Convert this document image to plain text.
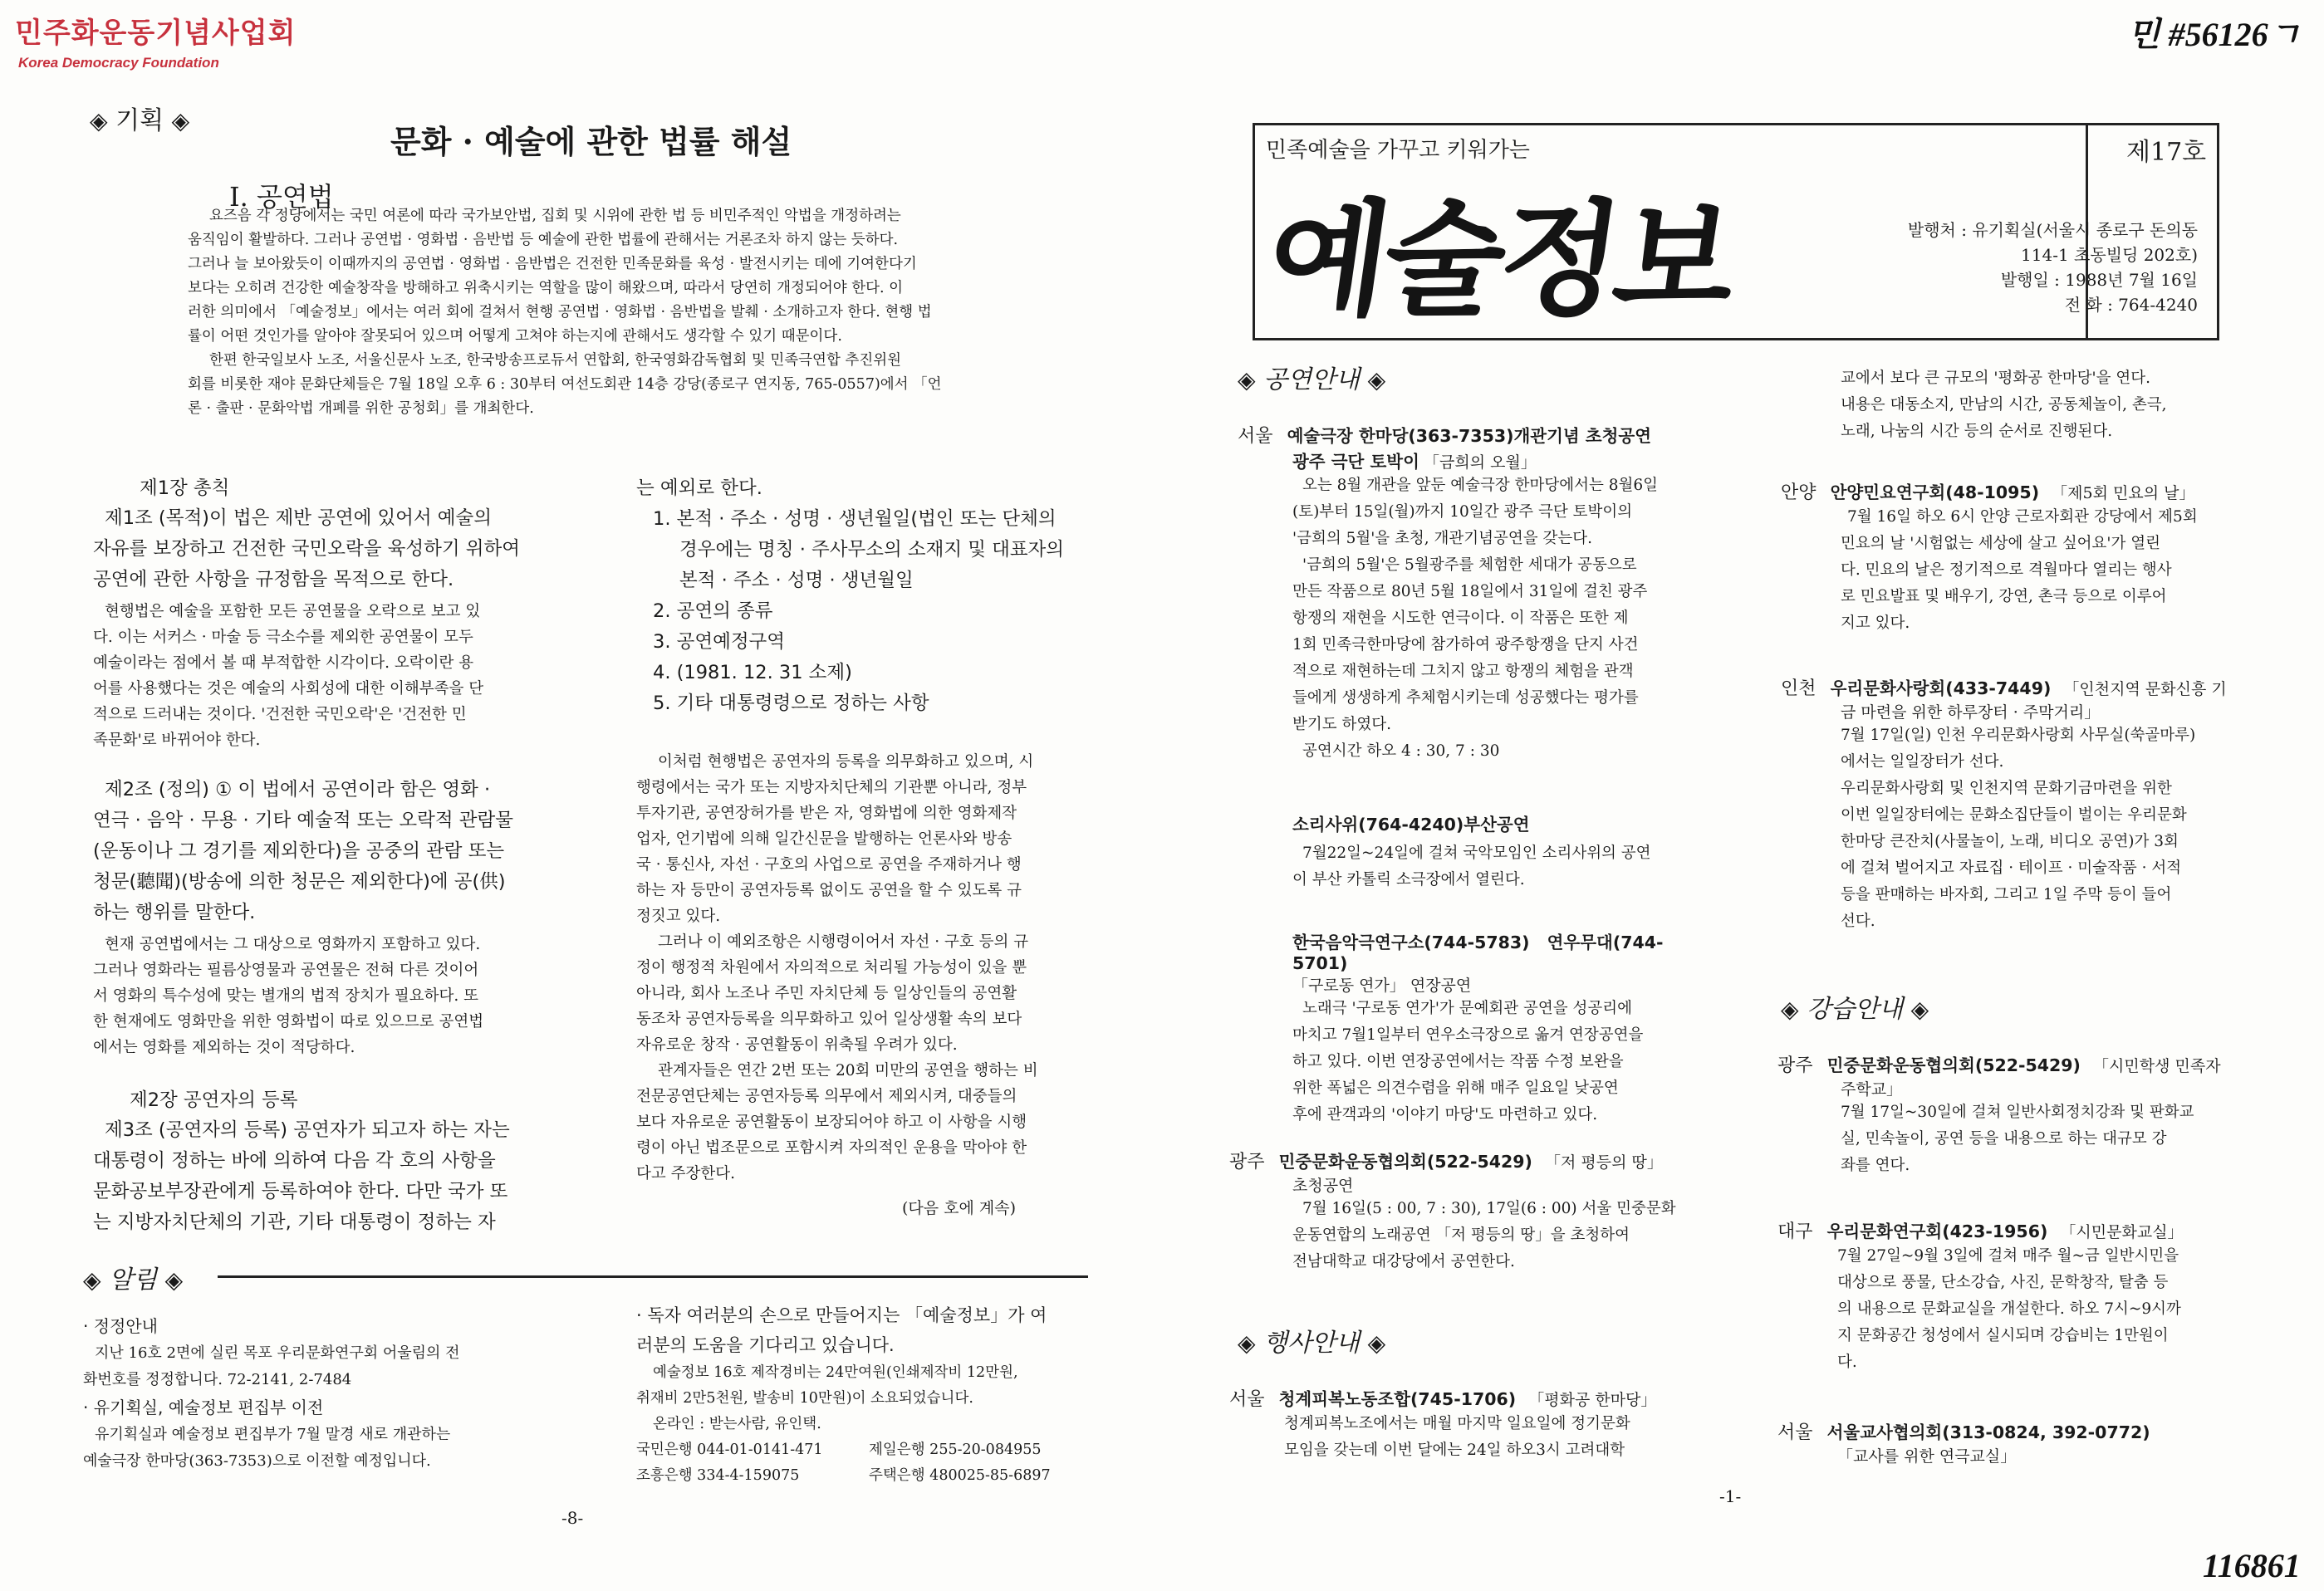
민주화운동기념사업회
Korea Democracy Foundation
민 #56126ㄱ
116861
◈ 기획 ◈
문화 · 예술에 관한 법률 해설
Ⅰ. 공연법

요즈음 각 정당에서는 국민 여론에 따라 국가보안법, 집회 및 시위에 관한 법 등 비민주적인 악법을 개정하려는

움직임이 활발하다. 그러나 공연법 · 영화법 · 음반법 등 예술에 관한 법률에 관해서는 거론조차 하지 않는 듯하다.

그러나 늘 보아왔듯이 이때까지의 공연법 · 영화법 · 음반법은 건전한 민족문화를 육성 · 발전시키는 데에 기여한다기

보다는 오히려 건강한 예술창작을 방해하고 위축시키는 역할을 많이 해왔으며, 따라서 당연히 개정되어야 한다. 이

러한 의미에서 「예술정보」에서는 여러 회에 걸쳐서 현행 공연법 · 영화법 · 음반법을 발췌 · 소개하고자 한다. 현행 법

률이 어떤 것인가를 알아야 잘못되어 있으며 어떻게 고쳐야 하는지에 관해서도 생각할 수 있기 때문이다.

한편 한국일보사 노조, 서울신문사 노조, 한국방송프로듀서 연합회, 한국영화감독협회 및 민족극연합 추진위원

회를 비롯한 재야 문화단체들은 7월 18일 오후 6 : 30부터 여선도회관 14층 강당(종로구 연지동, 765-0557)에서 「언

론 · 출판 · 문화악법 개폐를 위한 공청회」를 개최한다.

제1장 총칙

제1조 (목적)이 법은 제반 공연에 있어서 예술의

자유를 보장하고 건전한 국민오락을 육성하기 위하여

공연에 관한 사항을 규정함을 목적으로 한다.

현행법은 예술을 포함한 모든 공연물을 오락으로 보고 있

다. 이는 서커스 · 마술 등 극소수를 제외한 공연물이 모두

예술이라는 점에서 볼 때 부적합한 시각이다. 오락이란 용

어를 사용했다는 것은 예술의 사회성에 대한 이해부족을 단

적으로 드러내는 것이다. '건전한 국민오락'은 '건전한 민

족문화'로 바뀌어야 한다.

제2조 (정의) ① 이 법에서 공연이라 함은 영화 ·

연극 · 음악 · 무용 · 기타 예술적 또는 오락적 관람물

(운동이나 그 경기를 제외한다)을 공중의 관람 또는

청문(聽聞)(방송에 의한 청문은 제외한다)에 공(供)

하는 행위를 말한다.

현재 공연법에서는 그 대상으로 영화까지 포함하고 있다.

그러나 영화라는 필름상영물과 공연물은 전혀 다른 것이어

서 영화의 특수성에 맞는 별개의 법적 장치가 필요하다. 또

한 현재에도 영화만을 위한 영화법이 따로 있으므로 공연법

에서는 영화를 제외하는 것이 적당하다.

제2장 공연자의 등록

제3조 (공연자의 등록) 공연자가 되고자 하는 자는

대통령이 정하는 바에 의하여 다음 각 호의 사항을

문화공보부장관에게 등록하여야 한다. 다만 국가 또

는 지방자치단체의 기관, 기타 대통령이 정하는 자

는 예외로 한다.

1. 본적 · 주소 · 성명 · 생년월일(법인 또는 단체의

경우에는 명칭 · 주사무소의 소재지 및 대표자의

본적 · 주소 · 성명 · 생년월일

2. 공연의 종류

3. 공연예정구역

4. (1981. 12. 31 소제)

5. 기타 대통령령으로 정하는 사항

이처럼 현행법은 공연자의 등록을 의무화하고 있으며, 시

행령에서는 국가 또는 지방자치단체의 기관뿐 아니라, 정부

투자기관, 공연장허가를 받은 자, 영화법에 의한 영화제작

업자, 언기법에 의해 일간신문을 발행하는 언론사와 방송

국 · 통신사, 자선 · 구호의 사업으로 공연을 주재하거나 행

하는 자 등만이 공연자등록 없이도 공연을 할 수 있도록 규

정짓고 있다.

그러나 이 예외조항은 시행령이어서 자선 · 구호 등의 규

정이 행정적 차원에서 자의적으로 처리될 가능성이 있을 뿐

아니라, 회사 노조나 주민 자치단체 등 일상인들의 공연활

동조차 공연자등록을 의무화하고 있어 일상생활 속의 보다

자유로운 창작 · 공연활동이 위축될 우려가 있다.

관계자들은 연간 2번 또는 20회 미만의 공연을 행하는 비

전문공연단체는 공연자등록 의무에서 제외시켜, 대중들의

보다 자유로운 공연활동이 보장되어야 하고 이 사항을 시행

령이 아닌 법조문으로 포함시켜 자의적인 운용을 막아야 한

다고 주장한다.

(다음 호에 계속)

◈ 알림 ◈

· 정정안내

지난 16호 2면에 실린 목포 우리문화연구회 어울림의 전

화번호를 정정합니다. 72-2141, 2-7484

· 유기획실, 예술정보 편집부 이전

유기획실과 예술정보 편집부가 7월 말경 새로 개관하는

예술극장 한마당(363-7353)으로 이전할 예정입니다.

· 독자 여러분의 손으로 만들어지는 「예술정보」가 여

러분의 도움을 기다리고 있습니다.

예술정보 16호 제작경비는 24만여원(인쇄제작비 12만원,

취재비 2만5천원, 발송비 10만원)이 소요되었습니다.

온라인 : 받는사람, 유인택.

국민은행 044-01-0141-471	제일은행 255-20-084955
조흥은행 334-4-159075	주택은행 480025-85-6897
-8-
민족예술을 가꾸고 키워가는
예술정보
제17호
발행처 : 유기획실(서울시 종로구 돈의동
114-1 초동빌딩 202호)
발행일 : 1988년 7월 16일
전 화 : 764-4240
◈ 공연안내 ◈
서울 예술극장 한마당(363-7353)개관기념 초청공연
광주 극단 토박이 「금희의 오월」

오는 8월 개관을 앞둔 예술극장 한마당에서는 8월6일

(토)부터 15일(월)까지 10일간 광주 극단 토박이의

'금희의 5월'을 초청, 개관기념공연을 갖는다.

'금희의 5월'은 5월광주를 체험한 세대가 공동으로

만든 작품으로 80년 5월 18일에서 31일에 걸친 광주

항쟁의 재현을 시도한 연극이다. 이 작품은 또한 제

1회 민족극한마당에 참가하여 광주항쟁을 단지 사건

적으로 재현하는데 그치지 않고 항쟁의 체험을 관객

들에게 생생하게 추체험시키는데 성공했다는 평가를

받기도 하였다.

공연시간 하오 4 : 30, 7 : 30

소리사위(764-4240)부산공연

7월22일~24일에 걸쳐 국악모임인 소리사위의 공연

이 부산 카톨릭 소극장에서 열린다.

한국음악극연구소(744-5783) 연우무대(744-5701)
「구로동 연가」 연장공연

노래극 '구로동 연가'가 문예회관 공연을 성공리에

마치고 7월1일부터 연우소극장으로 옮겨 연장공연을

하고 있다. 이번 연장공연에서는 작품 수정 보완을

위한 폭넓은 의견수렴을 위해 매주 일요일 낮공연

후에 관객과의 '이야기 마당'도 마련하고 있다.

광주 민중문화운동협의회(522-5429) 「저 평등의 땅」
초청공연

7월 16일(5 : 00, 7 : 30), 17일(6 : 00) 서울 민중문화

운동연합의 노래공연 「저 평등의 땅」을 초청하여

전남대학교 대강당에서 공연한다.

◈ 행사안내 ◈
서울 청계피복노동조합(745-1706) 「평화공 한마당」

청계피복노조에서는 매월 마지막 일요일에 정기문화

모임을 갖는데 이번 달에는 24일 하오3시 고려대학

-1-

교에서 보다 큰 규모의 '평화공 한마당'을 연다.

내용은 대동소지, 만남의 시간, 공동체놀이, 촌극,

노래, 나눔의 시간 등의 순서로 진행된다.

안양 안양민요연구회(48-1095) 「제5회 민요의 날」

7월 16일 하오 6시 안양 근로자회관 강당에서 제5회

민요의 날 '시험없는 세상에 살고 싶어요'가 열린

다. 민요의 날은 정기적으로 격월마다 열리는 행사

로 민요발표 및 배우기, 강연, 촌극 등으로 이루어

지고 있다.

인천 우리문화사랑회(433-7449) 「인천지역 문화신흥 기
금 마련을 위한 하루장터 · 주막거리」

7월 17일(일) 인천 우리문화사랑회 사무실(쑥골마루)

에서는 일일장터가 선다.

우리문화사랑회 및 인천지역 문화기금마련을 위한

이번 일일장터에는 문화소집단들이 벌이는 우리문화

한마당 큰잔치(사물놀이, 노래, 비디오 공연)가 3회

에 걸쳐 벌어지고 자료집 · 테이프 · 미술작품 · 서적

등을 판매하는 바자회, 그리고 1일 주막 등이 들어

선다.

◈ 강습안내 ◈
광주 민중문화운동협의회(522-5429) 「시민학생 민족자
주학교」

7월 17일~30일에 걸쳐 일반사회정치강좌 및 판화교

실, 민속놀이, 공연 등을 내용으로 하는 대규모 강

좌를 연다.

대구 우리문화연구회(423-1956) 「시민문화교실」

7월 27일~9월 3일에 걸쳐 매주 월~금 일반시민을

대상으로 풍물, 단소강습, 사진, 문학창작, 탈춤 등

의 내용으로 문화교실을 개설한다. 하오 7시~9시까

지 문화공간 청성에서 실시되며 강습비는 1만원이

다.

서울 서울교사협의회(313-0824, 392-0772)
「교사를 위한 연극교실」
